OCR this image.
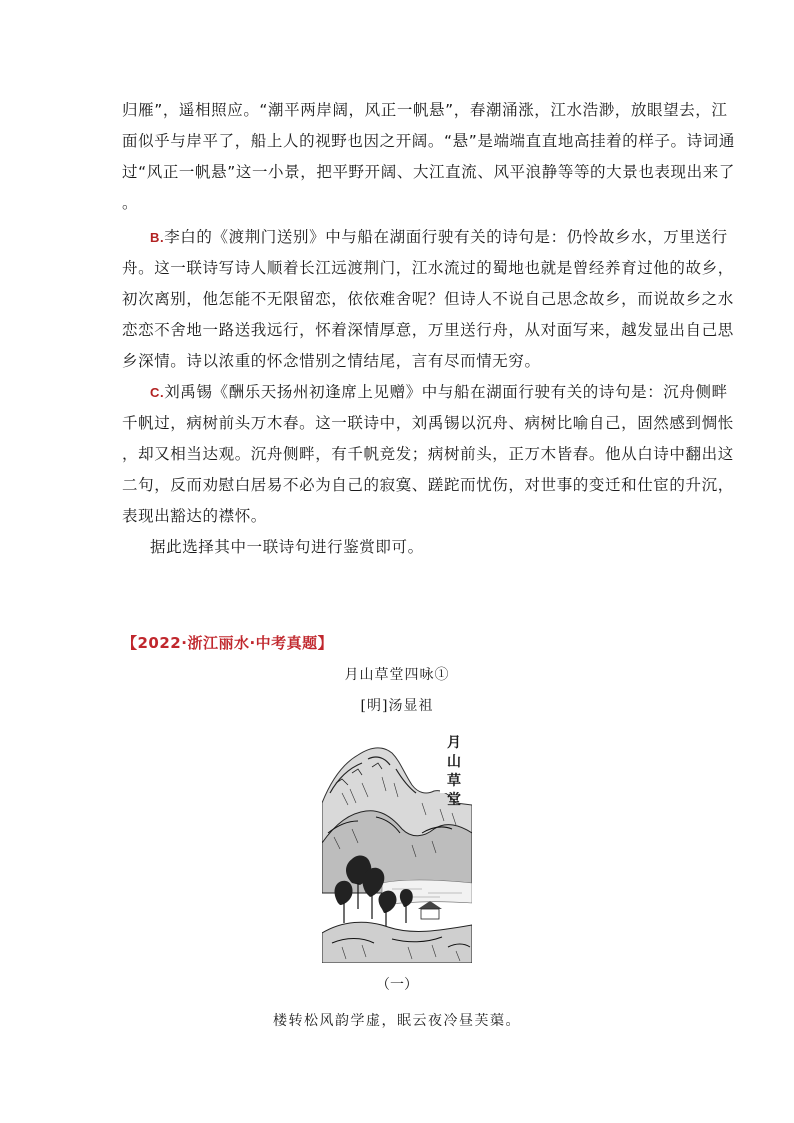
归雁”，遥相照应。“潮平两岸阔，风正一帆悬”，春潮涌涨，江水浩渺，放眼望去，江
面似乎与岸平了，船上人的视野也因之开阔。“悬”是端端直直地高挂着的样子。诗词通
过“风正一帆悬”这一小景，把平野开阔、大江直流、风平浪静等等的大景也表现出来了
。

B.李白的《渡荆门送别》中与船在湖面行驶有关的诗句是：仍怜故乡水，万里送行
舟。这一联诗写诗人顺着长江远渡荆门，江水流过的蜀地也就是曾经养育过他的故乡，
初次离别，他怎能不无限留恋，依依难舍呢？但诗人不说自己思念故乡，而说故乡之水
恋恋不舍地一路送我远行，怀着深情厚意，万里送行舟，从对面写来，越发显出自己思
乡深情。诗以浓重的怀念惜别之情结尾，言有尽而情无穷。

C.刘禹锡《酬乐天扬州初逢席上见赠》中与船在湖面行驶有关的诗句是：沉舟侧畔
千帆过，病树前头万木春。这一联诗中，刘禹锡以沉舟、病树比喻自己，固然感到惆怅
，却又相当达观。沉舟侧畔，有千帆竞发；病树前头，正万木皆春。他从白诗中翻出这
二句，反而劝慰白居易不必为自己的寂寞、蹉跎而忧伤，对世事的变迁和仕宦的升沉，
表现出豁达的襟怀。

据此选择其中一联诗句进行鉴赏即可。

【2022·浙江丽水·中考真题】
月山草堂四咏①
[明]汤显祖
月
山
草
堂
（一）
楼转松风韵学虚，眠云夜冷昼芙蕖。
